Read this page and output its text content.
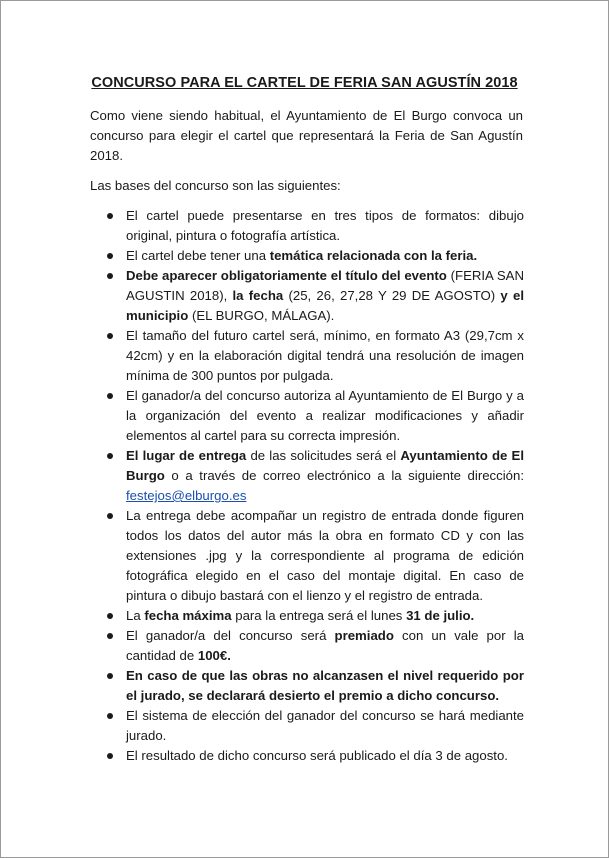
CONCURSO PARA EL CARTEL DE FERIA SAN AGUSTÍN 2018
Como viene siendo habitual, el Ayuntamiento de El Burgo convoca un concurso para elegir el cartel que representará la Feria de San Agustín 2018.
Las bases del concurso son las siguientes:
El cartel puede presentarse en tres tipos de formatos: dibujo original, pintura o fotografía artística.
El cartel debe tener una temática relacionada con la feria.
Debe aparecer obligatoriamente el título del evento (FERIA SAN AGUSTIN 2018), la fecha (25, 26, 27,28 Y 29 DE AGOSTO) y el municipio (EL BURGO, MÁLAGA).
El tamaño del futuro cartel será, mínimo, en formato A3 (29,7cm x 42cm) y en la elaboración digital tendrá una resolución de imagen mínima de 300 puntos por pulgada.
El ganador/a del concurso autoriza al Ayuntamiento de El Burgo y a la organización del evento a realizar modificaciones y añadir elementos al cartel para su correcta impresión.
El lugar de entrega de las solicitudes será el Ayuntamiento de El Burgo o a través de correo electrónico a la siguiente dirección: festejos@elburgo.es
La entrega debe acompañar un registro de entrada donde figuren todos los datos del autor más la obra en formato CD y con las extensiones .jpg y la correspondiente al programa de edición fotográfica elegido en el caso del montaje digital. En caso de pintura o dibujo bastará con el lienzo y el registro de entrada.
La fecha máxima para la entrega será el lunes 31 de julio.
El ganador/a del concurso será premiado con un vale por la cantidad de 100€.
En caso de que las obras no alcanzasen el nivel requerido por el jurado, se declarará desierto el premio a dicho concurso.
El sistema de elección del ganador del concurso se hará mediante jurado.
El resultado de dicho concurso será publicado el día 3 de agosto.
